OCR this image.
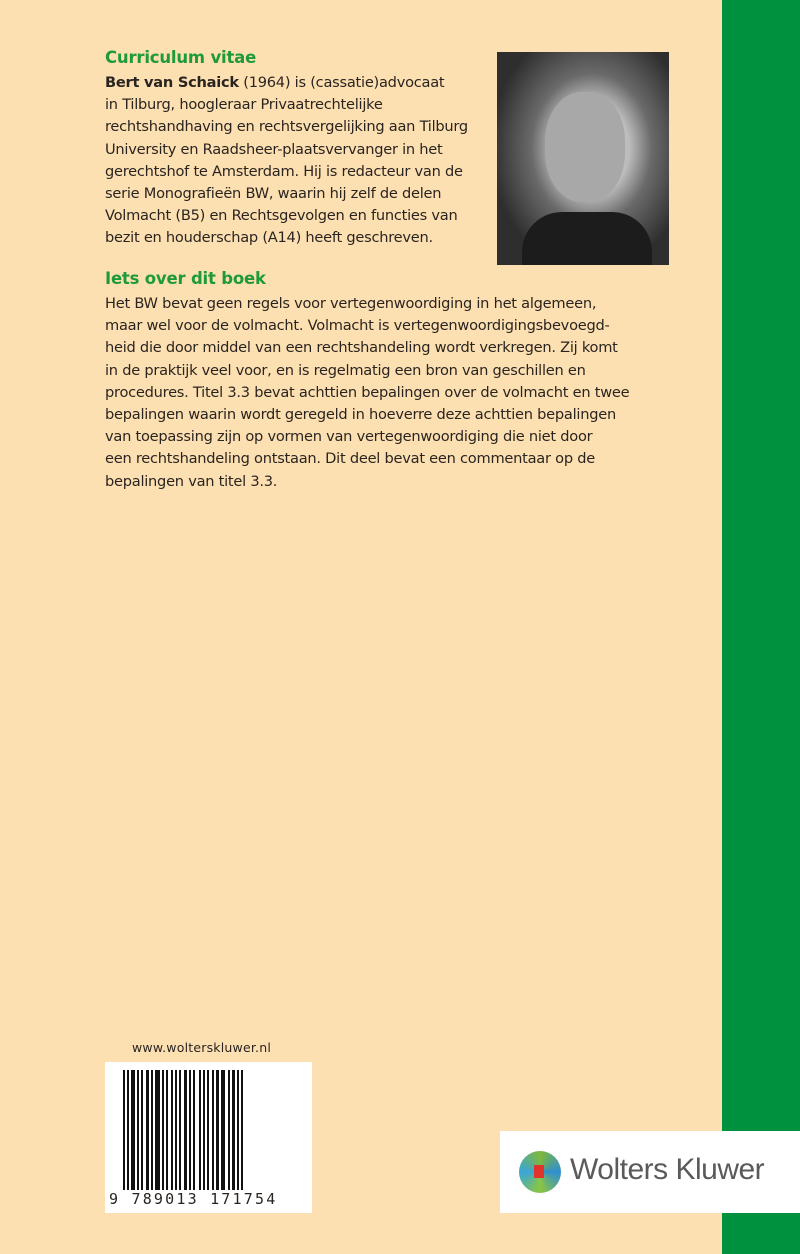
Curriculum vitae
Bert van Schaick (1964) is (cassatie)advocaat
in Tilburg, hoogleraar Privaatrechtelijke
rechtshandhaving en rechtsvergelijking aan Tilburg
University en Raadsheer-plaatsvervanger in het
gerechtshof te Amsterdam. Hij is redacteur van de
serie Monografieën BW, waarin hij zelf de delen
Volmacht (B5) en Rechtsgevolgen en functies van
bezit en houderschap (A14) heeft geschreven.
Iets over dit boek
Het BW bevat geen regels voor vertegenwoordiging in het algemeen,
maar wel voor de volmacht. Volmacht is vertegenwoordigingsbevoegd-
heid die door middel van een rechtshandeling wordt verkregen. Zij komt
in de praktijk veel voor, en is regelmatig een bron van geschillen en
procedures. Titel 3.3 bevat achttien bepalingen over de volmacht en twee
bepalingen waarin wordt geregeld in hoeverre deze achttien bepalingen
van toepassing zijn op vormen van vertegenwoordiging die niet door
een rechtshandeling ontstaan. Dit deel bevat een commentaar op de
bepalingen van titel 3.3.
www.wolterskluwer.nl
9 789013 171754
Wolters Kluwer
